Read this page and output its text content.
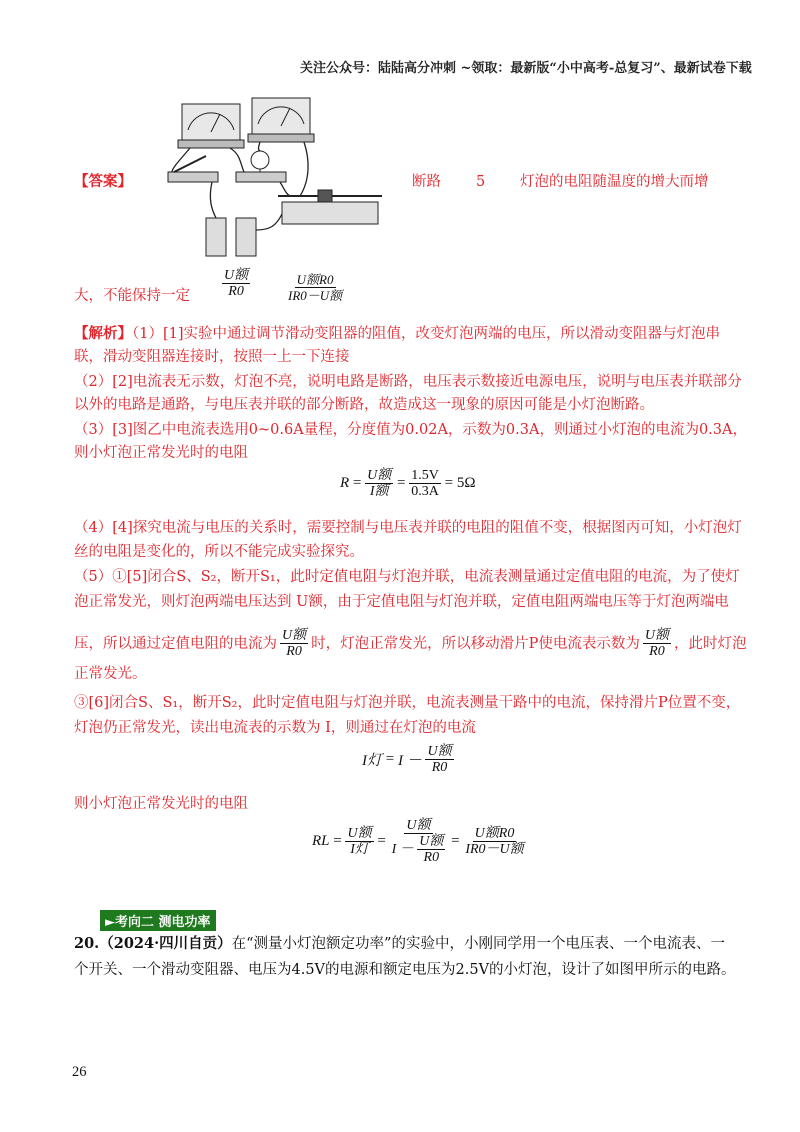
关注公众号：陆陆高分冲刺 ~领取：最新版“小中高考-总复习”、最新试卷下载
【答案】	断路 5 灯泡的电阻随温度的增大而增
大，不能保持一定 $\frac{\text{U额}}{R0}$	$\frac{\text{U额R0}}{\text{IR0－U额}}$
【解析】（1）[1]实验中通过调节滑动变阻器的阻值，改变灯泡两端的电压，所以滑动变阻器与灯泡串
联，滑动变阻器连接时，按照一上一下连接
（2）[2]电流表无示数，灯泡不亮，说明电路是断路，电压表示数接近电源电压，说明与电压表并联部分
以外的电路是通路，与电压表并联的部分断路，故造成这一现象的原因可能是小灯泡断路。
（3）[3]图乙中电流表选用0~0.6A量程，分度值为0.02A，示数为0.3A，则通过小灯泡的电流为0.3A，
则小灯泡正常发光时的电阻
$R = \frac{\text{U额}}{\text{I额}} = \frac{1.5V}{0.3A} = 5\Omega$
（4）[4]探究电流与电压的关系时，需要控制与电压表并联的电阻的阻值不变，根据图丙可知，小灯泡灯
丝的电阻是变化的，所以不能完成实验探究。
（5）①[5]闭合S、S₂，断开S₁，此时定值电阻与灯泡并联，电流表测量通过定值电阻的电流，为了使灯
泡正常发光，则灯泡两端电压达到 U额，由于定值电阻与灯泡并联，定值电阻两端电压等于灯泡两端电
压，所以通过定值电阻的电流为 $\frac{\text{U额}}{R0}$ 时，灯泡正常发光，所以移动滑片P使电流表示数为 $\frac{\text{U额}}{R0}$ ，此时灯泡
正常发光。
③[6]闭合S、S₁，断开S₂，此时定值电阻与灯泡并联，电流表测量干路中的电流，保持滑片P位置不变，
灯泡仍正常发光，读出电流表的示数为 I，则通过在灯泡的电流
I灯 = I －
$\frac{\text{U额}}{R0}$
则小灯泡正常发光时的电阻
RL = $\frac{\text{U额}}{\text{I灯}} = U$额
I －
$\frac{\text{U额}}{R0} = \frac{\text{U额R0}}{\text{IR0－U额}}$
►考向二 测电功率
20.（2024·四川自贡）在“测量小灯泡额定功率”的实验中，小刚同学用一个电压表、一个电流表、一
个开关、一个滑动变阻器、电压为4.5V的电源和额定电压为2.5V的小灯泡，设计了如图甲所示的电路。
26
